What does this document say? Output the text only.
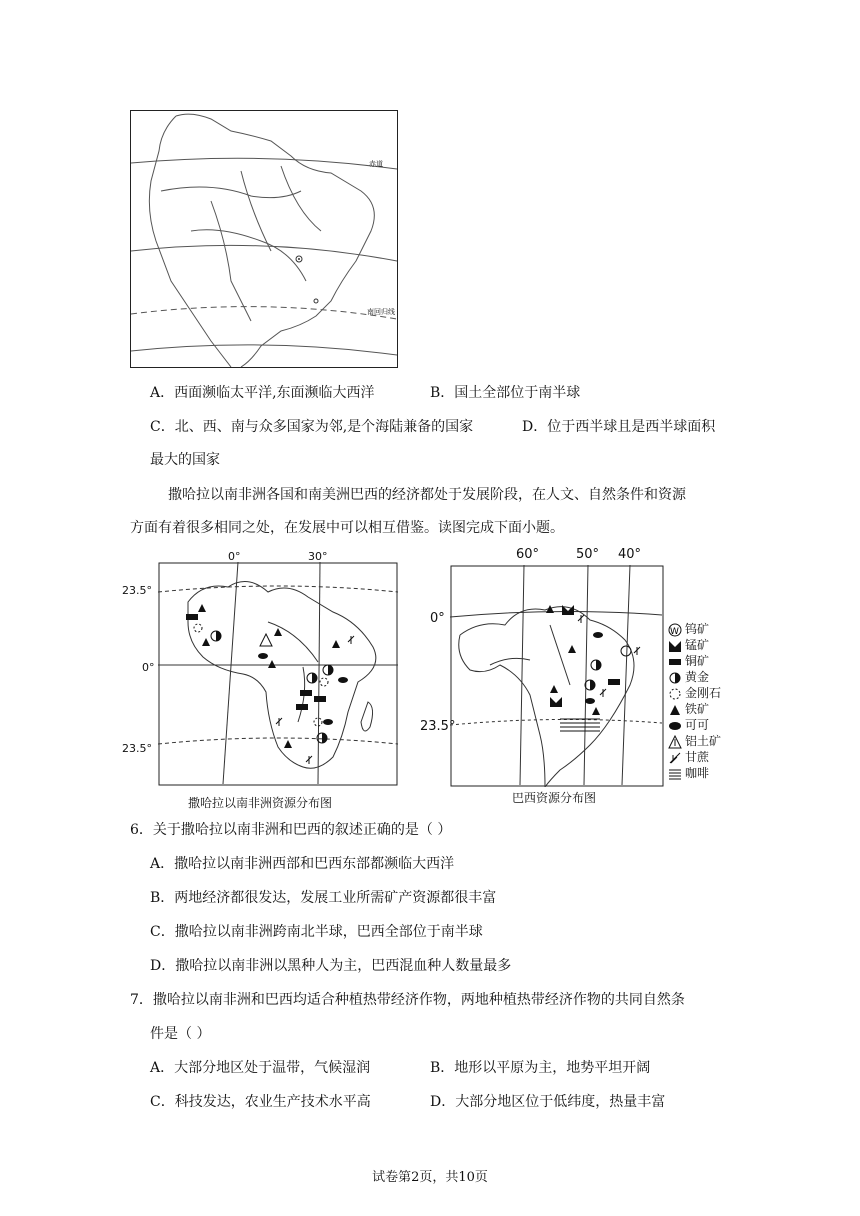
赤道
南回归线
A．西面濒临太平洋,东面濒临大西洋	B．国土全部位于南半球
C．北、西、南与众多国家为邻,是个海陆兼备的国家	D．位于西半球且是西半球面积
最大的国家
撒哈拉以南非洲各国和南美洲巴西的经济都处于发展阶段，在人文、自然条件和资源
方面有着很多相同之处，在发展中可以相互借鉴。读图完成下面小题。
0°	30°
23.5°
0°
23.5°
撒哈拉以南非洲资源分布图
60°	50° 40°
0°
23.5°
巴西资源分布图
W 钨矿
锰矿
铜矿
黄金
金刚石
铁矿
可可
铝土矿
甘蔗
咖啡
6．关于撒哈拉以南非洲和巴西的叙述正确的是（ ）
A．撒哈拉以南非洲西部和巴西东部都濒临大西洋
B．两地经济都很发达，发展工业所需矿产资源都很丰富
C．撒哈拉以南非洲跨南北半球，巴西全部位于南半球
D．撒哈拉以南非洲以黑种人为主，巴西混血种人数量最多
7．撒哈拉以南非洲和巴西均适合种植热带经济作物，两地种植热带经济作物的共同自然条
件是（ ）
A．大部分地区处于温带，气候湿润	B．地形以平原为主，地势平坦开阔
C．科技发达，农业生产技术水平高	D．大部分地区位于低纬度，热量丰富
试卷第2页，共10页
